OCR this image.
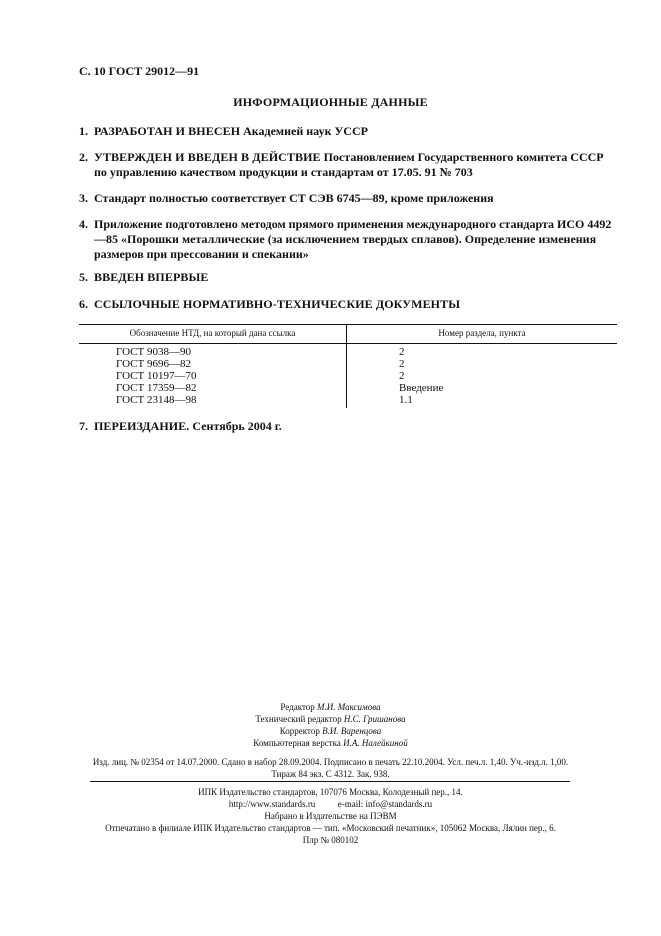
С. 10 ГОСТ 29012—91
ИНФОРМАЦИОННЫЕ ДАННЫЕ
1. РАЗРАБОТАН И ВНЕСЕН Академией наук УССР
2. УТВЕРЖДЕН И ВВЕДЕН В ДЕЙСТВИЕ Постановлением Государственного комитета СССР по управлению качеством продукции и стандартам от 17.05. 91 № 703
3. Стандарт полностью соответствует СТ СЭВ 6745—89, кроме приложения
4. Приложение подготовлено методом прямого применения международного стандарта ИСО 4492—85 «Порошки металлические (за исключением твердых сплавов). Определение изменения размеров при прессовании и спекании»
5. ВВЕДЕН ВПЕРВЫЕ
6. ССЫЛОЧНЫЕ НОРМАТИВНО-ТЕХНИЧЕСКИЕ ДОКУМЕНТЫ
Обозначение НТД, на который дана ссылка	Номер раздела, пункта
ГОСТ 9038—90	2
ГОСТ 9696—82	2
ГОСТ 10197—70	2
ГОСТ 17359—82	Введение
ГОСТ 23148—98	1.1
7. ПЕРЕИЗДАНИЕ. Сентябрь 2004 г.
Редактор М.И. Максимова
Технический редактор Н.С. Гришанова
Корректор В.И. Варенцова
Компьютерная верстка И.А. Налейкиной
Изд. лиц. № 02354 от 14.07.2000. Сдано в набор 28.09.2004. Подписано в печать 22.10.2004. Усл. печ.л. 1,40. Уч.-изд.л. 1,00.
Тираж 84 экз. С 4312. Зак. 938.
ИПК Издательство стандартов, 107076 Москва, Колодезный пер., 14.
http://www.standards.ru          e-mail: info@standards.ru
Набрано в Издательстве на ПЭВМ
Отпечатано в филиале ИПК Издательство стандартов — тип. «Московский печатник», 105062 Москва, Лялин пер., 6.
Плр № 080102
